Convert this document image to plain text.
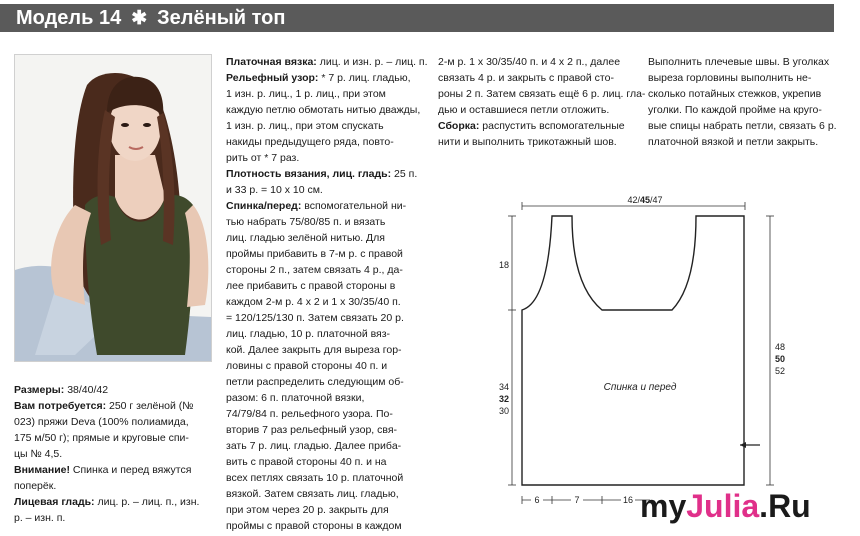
Модель 14 ✱ Зелёный топ

Размеры: 38/40/42

Вам потребуется: 250 г зелёной (№
023) пряжи Deva (100% полиамида,
175 м/50 г); прямые и круговые спи-
цы № 4,5.
Внимание! Спинка и перед вяжутся
поперёк.
Лицевая гладь: лиц. р. – лиц. п., изн.
р. – изн. п.
Платочная вязка: лиц. и изн. р. – лиц. п.
Рельефный узор: * 7 р. лиц. гладью,
1 изн. р. лиц., 1 р. лиц., при этом
каждую петлю обмотать нитью дважды,
1 изн. р. лиц., при этом спускать
накиды предыдущего ряда, повто-
рить от * 7 раз.
Плотность вязания, лиц. гладь: 25 п.
и 33 р. = 10 х 10 см.
Спинка/перед: вспомогательной ни-
тью набрать 75/80/85 п. и вязать
лиц. гладью зелёной нитью. Для
проймы прибавить в 7-м р. с правой
стороны 2 п., затем связать 4 р., да-
лее прибавить с правой стороны в
каждом 2-м р. 4 х 2 и 1 х 30/35/40 п.
= 120/125/130 п. Затем связать 20 р.
лиц. гладью, 10 р. платочной вяз-
кой. Далее закрыть для выреза гор-
ловины с правой стороны 40 п. и
петли распределить следующим об-
разом: 6 п. платочной вязки,
74/79/84 п. рельефного узора. По-
вторив 7 раз рельефный узор, свя-
зать 7 р. лиц. гладью. Далее прибa-
вить с правой стороны 40 п. и на
всех петлях связать 10 р. платочной
вязкой. Затем связать лиц. гладью,
при этом через 20 р. закрыть для
проймы с правой стороны в каждом
2-м р. 1 х 30/35/40 п. и 4 х 2 п., далее
связать 4 р. и закрыть с правой сто-
роны 2 п. Затем связать ещё 6 р. лиц. гла-
дью и оставшиеся петли отложить.
Сборка: распустить вспомогательные
нити и выполнить трикотажный шов.
Выполнить плечевые швы. В уголках
выреза горловины выполнить не-
сколько потайных стежков, укрепив
уголки. По каждой пройме на круго-
вые спицы набрать петли, связать 6 р.
платочной вязкой и петли закрыть.
42/45/47
18
48
50
52
34
32
30
Спинка и перед
6	7	16 myJulia.Ru
